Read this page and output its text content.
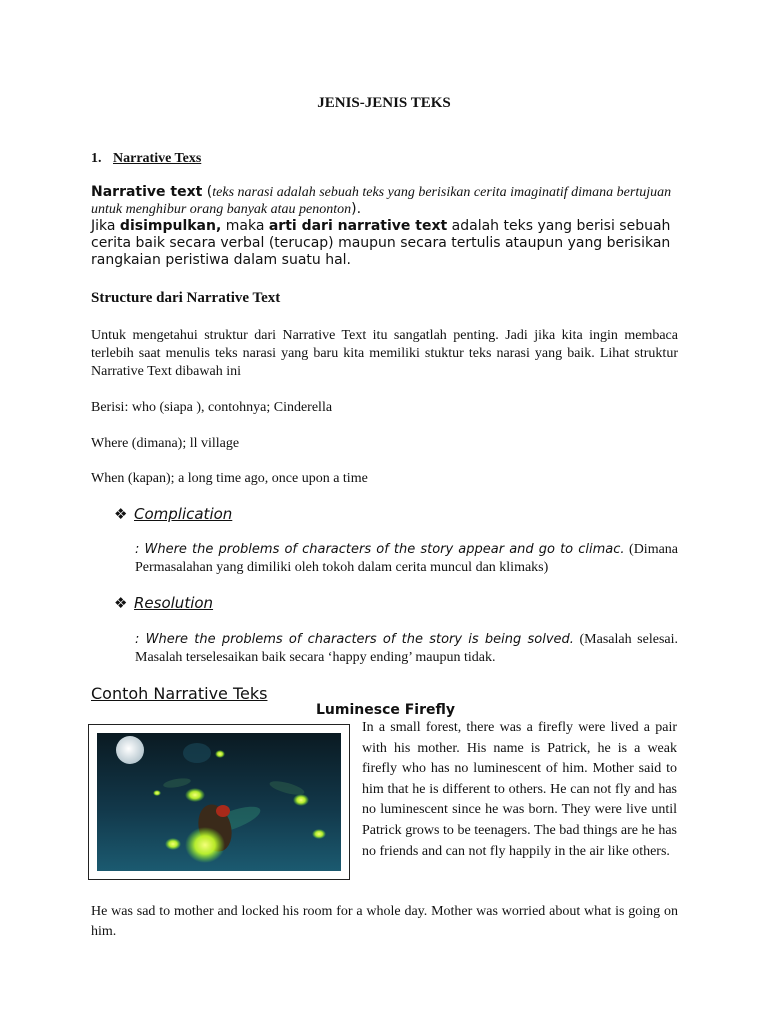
JENIS-JENIS TEKS
1. Narrative Texs
Narrative text (teks narasi adalah sebuah teks yang berisikan cerita imaginatif dimana bertujuan untuk menghibur orang banyak atau penonton).
Jika disimpulkan, maka arti dari narrative text adalah teks yang berisi sebuah cerita baik secara verbal (terucap) maupun secara tertulis ataupun yang berisikan rangkaian peristiwa dalam suatu hal.
Structure dari Narrative Text
Untuk mengetahui struktur dari Narrative Text itu sangatlah penting. Jadi jika kita ingin membaca terlebih saat menulis teks narasi yang baru kita memiliki stuktur teks narasi yang baik. Lihat struktur Narrative Text dibawah ini
Berisi: who (siapa ), contohnya; Cinderella
Where (dimana); ll village
When (kapan); a long time ago, once upon a time
❖ Complication
: Where the problems of characters of the story appear and go to climac. (Dimana Permasalahan yang dimiliki oleh tokoh dalam cerita muncul dan klimaks)
❖ Resolution
: Where the problems of characters of the story is being solved. (Masalah selesai. Masalah terselesaikan baik secara ‘happy ending’ maupun tidak.
Contoh Narrative Teks
Luminesce Firefly
In a small forest, there was a firefly were lived a pair with his mother. His name is Patrick, he is a weak firefly who has no luminescent of him. Mother said to him that he is different to others. He can not fly and has no luminescent since he was born. They were live until Patrick grows to be teenagers. The bad things are he has no friends and can not fly happily in the air like others.
He was sad to mother and locked his room for a whole day. Mother was worried about what is going on him.
